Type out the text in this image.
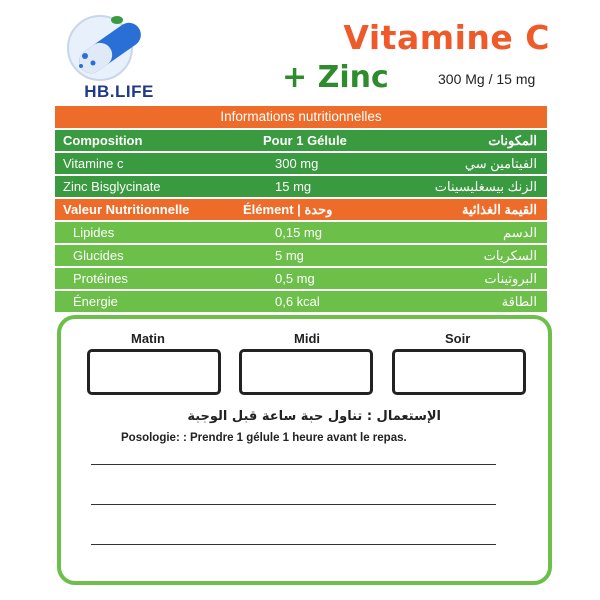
HB.LIFE
Vitamine C
+ Zinc	300 Mg / 15 mg
Informations nutritionnelles
Composition	Pour 1 Gélule	المكونات
Vitamine c	300 mg	الفيتامين سي
Zinc Bisglycinate	15 mg	الزنك بيسغليسينات
Valeur Nutritionnelle	Élément | وحدة	القيمة الغذائية
Lipides	0,15 mg	الدسم
Glucides	5 mg	السكريات
Protéines	0,5 mg	البروتينات
Énergie	0,6 kcal	الطاقة
Matin	Midi	Soir
الإستعمال : تناول حبة ساعة قبل الوجبة
Posologie: : Prendre 1 gélule 1 heure avant le repas.
